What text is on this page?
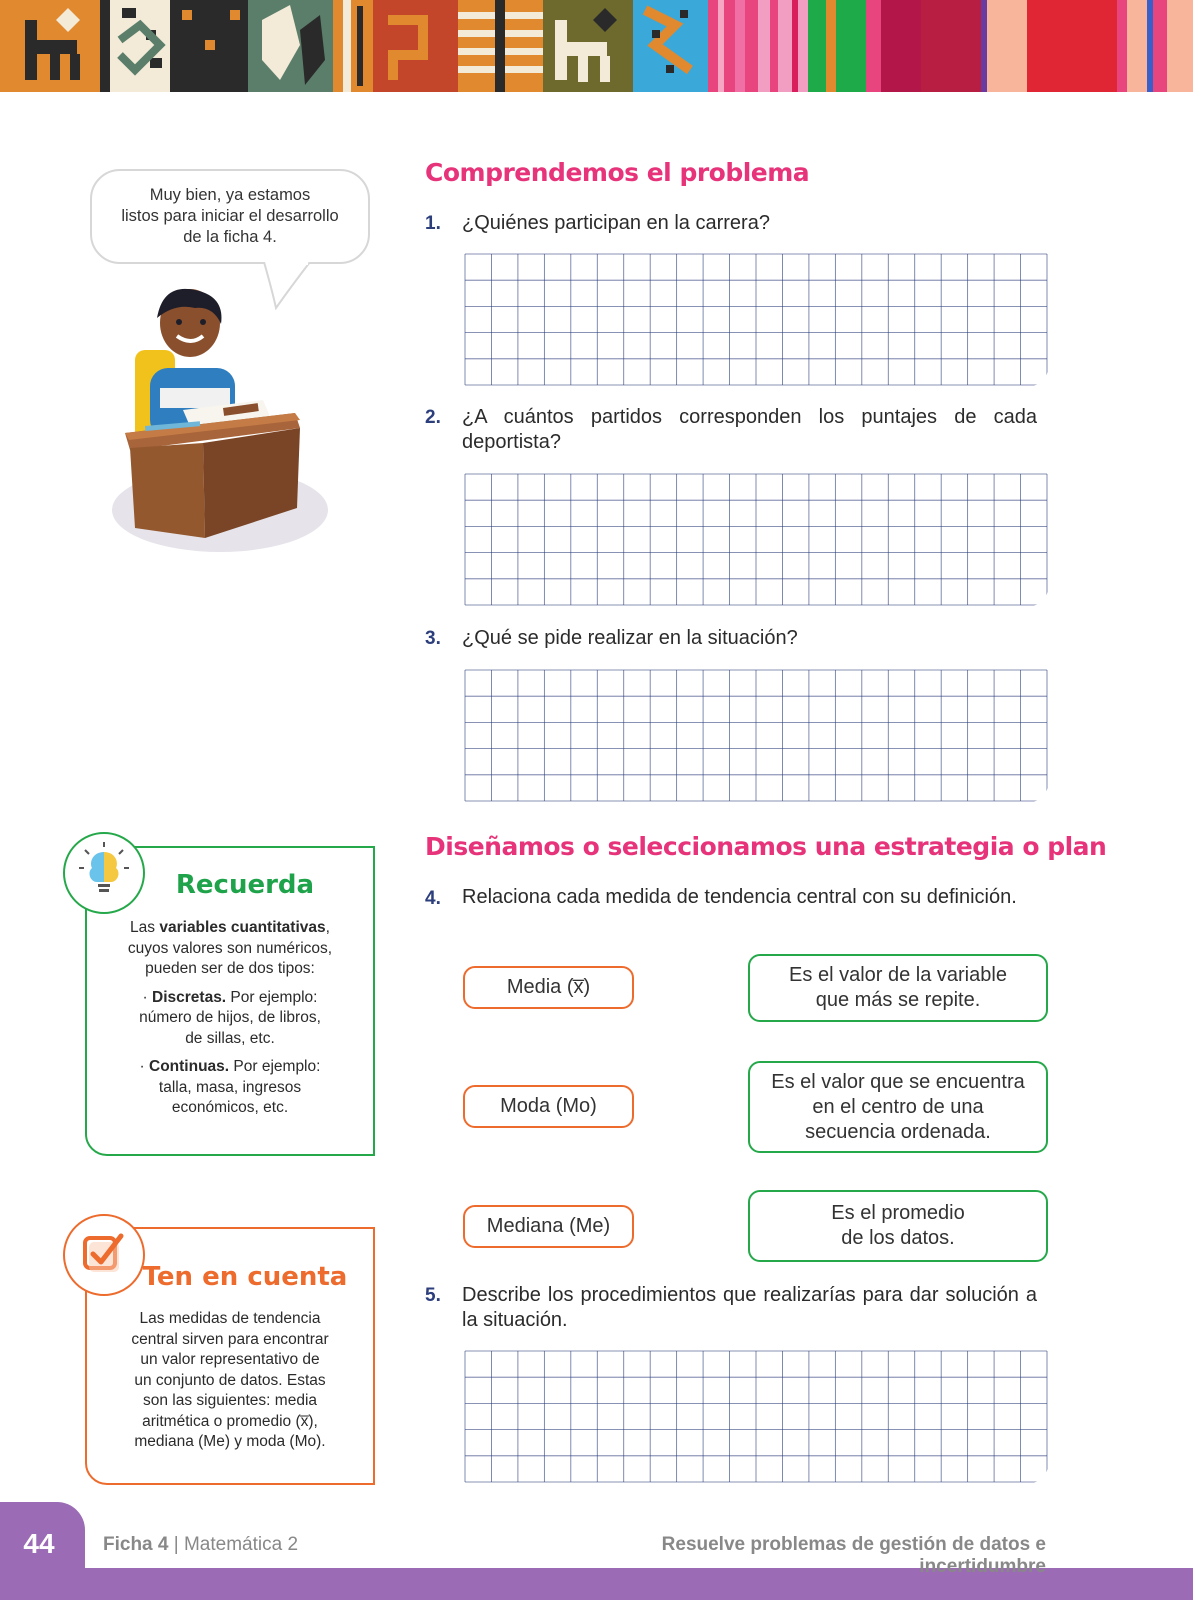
Muy bien, ya estamos
listos para iniciar el desarrollo
de la ficha 4.
Comprendemos el problema
1. ¿Quiénes participan en la carrera?
2. ¿A cuántos partidos corresponden los puntajes de cada deportista?
3. ¿Qué se pide realizar en la situación?
Diseñamos o seleccionamos una estrategia o plan
4. Relaciona cada medida de tendencia central con su definición.
Media (x̅)
Moda (Mo)
Mediana (Me)
Es el valor de la variable
que más se repite.
Es el valor que se encuentra
en el centro de una
secuencia ordenada.
Es el promedio
de los datos.
5. Describe los procedimientos que realizarías para dar solución a la situación.
Las variables cuantitativas,
cuyos valores son numéricos,
pueden ser de dos tipos:
· Discretas. Por ejemplo:
número de hijos, de libros,
de sillas, etc.
· Continuas. Por ejemplo:
talla, masa, ingresos
económicos, etc.
Recuerda
Las medidas de tendencia
central sirven para encontrar
un valor representativo de
un conjunto de datos. Estas
son las siguientes: media
aritmética o promedio (x̅),
mediana (Me) y moda (Mo).
Ten en cuenta
44	Ficha 4 | Matemática 2	Resuelve problemas de gestión de datos e incertidumbre
